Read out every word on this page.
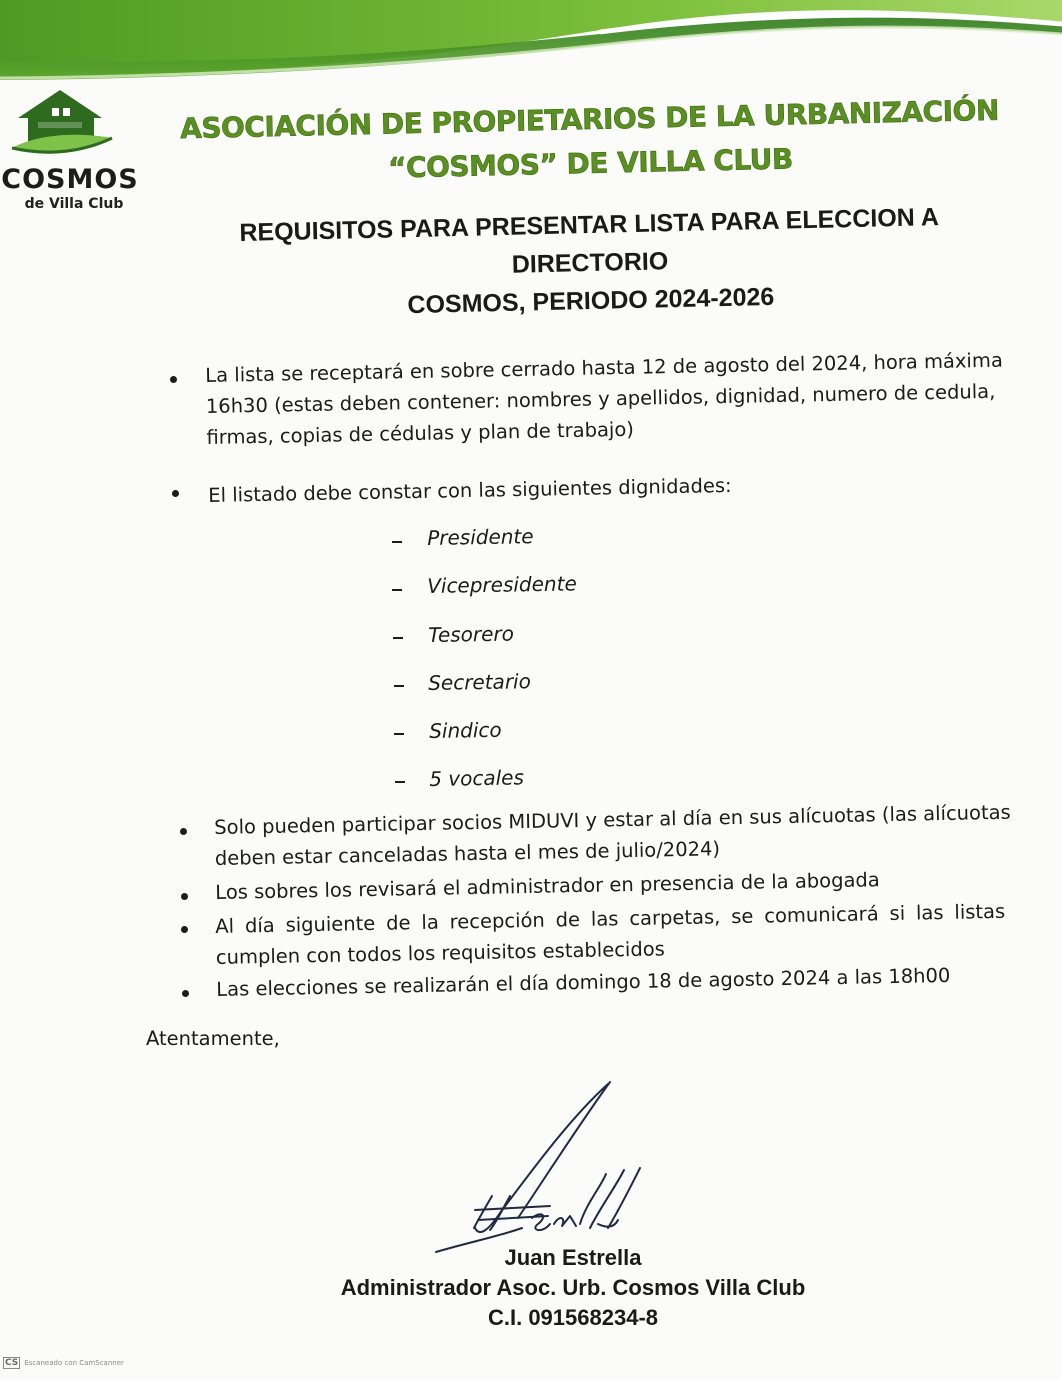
COSMOS
de Villa Club
ASOCIACIÓN DE PROPIETARIOS DE LA URBANIZACIÓN
“COSMOS” DE VILLA CLUB
REQUISITOS PARA PRESENTAR LISTA PARA ELECCION A DIRECTORIO
COSMOS, PERIODO 2024-2026
La lista se receptará en sobre cerrado hasta 12 de agosto del 2024, hora máxima
16h30 (estas deben contener: nombres y apellidos, dignidad, numero de cedula,
firmas, copias de cédulas y plan de trabajo)
El listado debe constar con las siguientes dignidades:
Presidente
Vicepresidente
Tesorero
Secretario
Sindico
5 vocales
Solo pueden participar socios MIDUVI y estar al día en sus alícuotas (las alícuotas
deben estar canceladas hasta el mes de julio/2024)
Los sobres los revisará el administrador en presencia de la abogada
Al día siguiente de la recepción de las carpetas, se comunicará si las listas
cumplen con todos los requisitos establecidos
Las elecciones se realizarán el día domingo 18 de agosto 2024 a las 18h00
Atentamente,
Juan Estrella
Administrador Asoc. Urb. Cosmos Villa Club
C.I. 091568234-8
CS Escaneado con CamScanner
